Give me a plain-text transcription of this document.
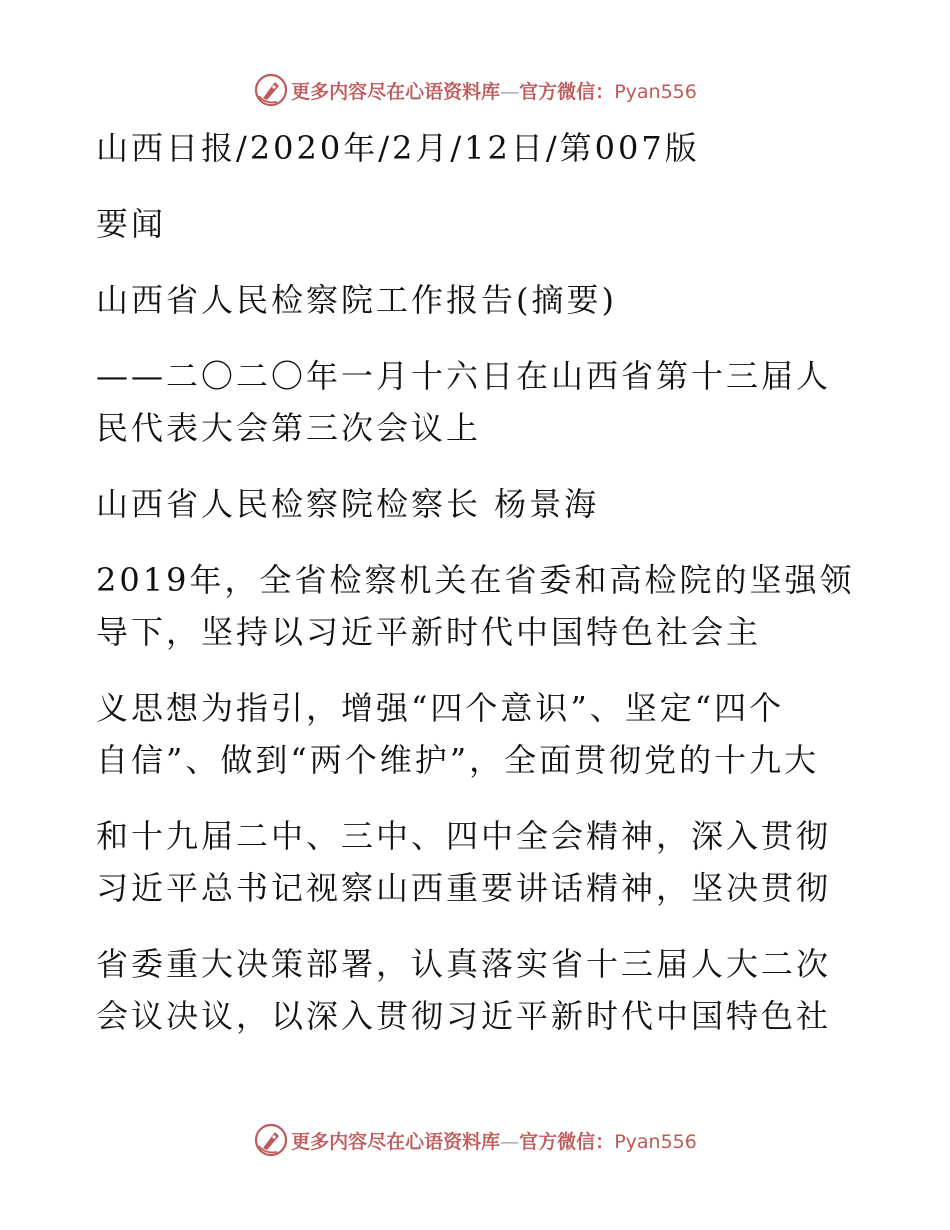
更多内容尽在心语资料库—官方微信：Pyan556
山西日报/2020年/2月/12日/第007版
要闻
山西省人民检察院工作报告(摘要)
——二〇二〇年一月十六日在山西省第十三届人
民代表大会第三次会议上
山西省人民检察院检察长 杨景海
2019年，全省检察机关在省委和高检院的坚强领
导下，坚持以习近平新时代中国特色社会主
义思想为指引，增强“四个意识”、坚定“四个
自信”、做到“两个维护”，全面贯彻党的十九大
和十九届二中、三中、四中全会精神，深入贯彻
习近平总书记视察山西重要讲话精神，坚决贯彻
省委重大决策部署，认真落实省十三届人大二次
会议决议，以深入贯彻习近平新时代中国特色社
更多内容尽在心语资料库—官方微信：Pyan556
